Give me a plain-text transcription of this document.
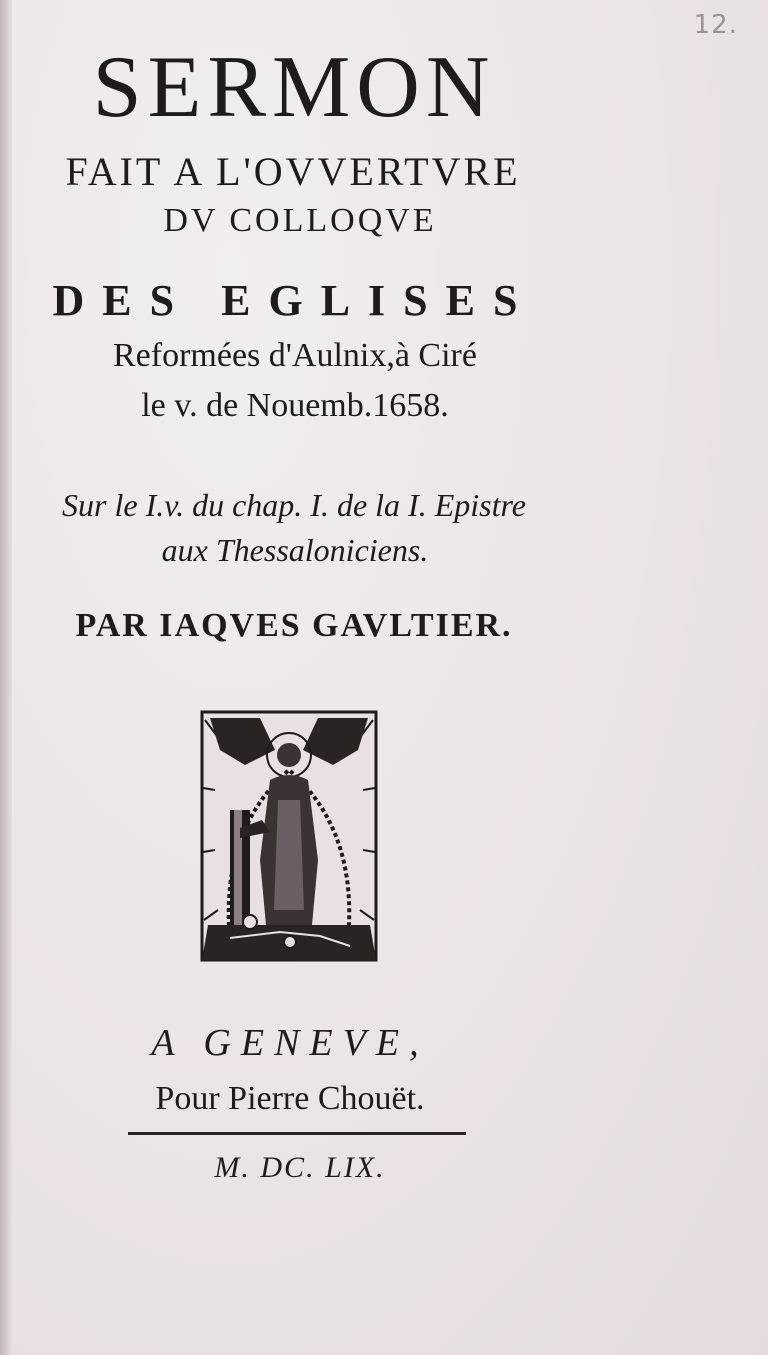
12.
SERMON
FAIT A L'OVVERTVRE
DV COLLOQVE
DES EGLISES
Reformées d'Aulnix,à Ciré
le v. de Nouemb.1658.
Sur le I.v. du chap. I. de la I. Epistre
aux Thessaloniciens.
PAR IAQVES GAVLTIER.
A GENEVE,
Pour Pierre Chouët.
M. DC. LIX.
